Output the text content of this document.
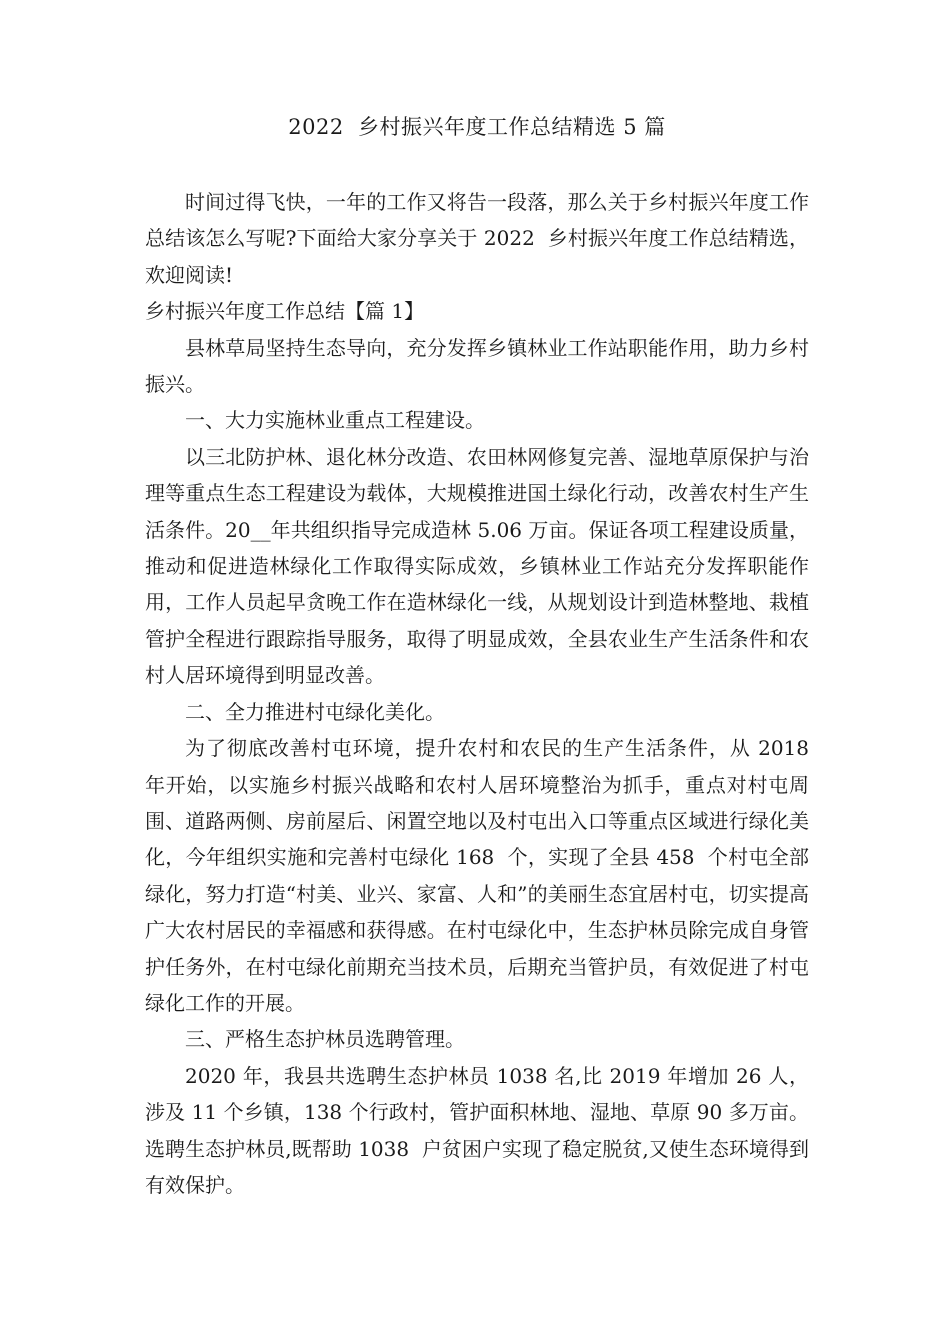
2022  乡村振兴年度工作总结精选 5 篇

时间过得飞快，一年的工作又将告一段落，那么关于乡村振兴年度工作总结该怎么写呢?下面给大家分享关于 2022  乡村振兴年度工作总结精选，欢迎阅读!

乡村振兴年度工作总结【篇 1】

县林草局坚持生态导向，充分发挥乡镇林业工作站职能作用，助力乡村振兴。

一、大力实施林业重点工程建设。

以三北防护林、退化林分改造、农田林网修复完善、湿地草原保护与治理等重点生态工程建设为载体，大规模推进国土绿化行动，改善农村生产生活条件。20__年共组织指导完成造林 5.06 万亩。保证各项工程建设质量，推动和促进造林绿化工作取得实际成效，乡镇林业工作站充分发挥职能作用，工作人员起早贪晚工作在造林绿化一线，从规划设计到造林整地、栽植管护全程进行跟踪指导服务，取得了明显成效，全县农业生产生活条件和农村人居环境得到明显改善。

二、全力推进村屯绿化美化。

为了彻底改善村屯环境，提升农村和农民的生产生活条件，从 2018  年开始，以实施乡村振兴战略和农村人居环境整治为抓手，重点对村屯周围、道路两侧、房前屋后、闲置空地以及村屯出入口等重点区域进行绿化美化，今年组织实施和完善村屯绿化 168  个，实现了全县 458  个村屯全部绿化，努力打造“村美、业兴、家富、人和”的美丽生态宜居村屯，切实提高广大农村居民的幸福感和获得感。在村屯绿化中，生态护林员除完成自身管护任务外，在村屯绿化前期充当技术员，后期充当管护员，有效促进了村屯绿化工作的开展。

三、严格生态护林员选聘管理。

2020 年，我县共选聘生态护林员 1038 名,比 2019 年增加 26 人，涉及 11 个乡镇，138 个行政村，管护面积林地、湿地、草原 90 多万亩。选聘生态护林员,既帮助 1038  户贫困户实现了稳定脱贫,又使生态环境得到有效保护。
